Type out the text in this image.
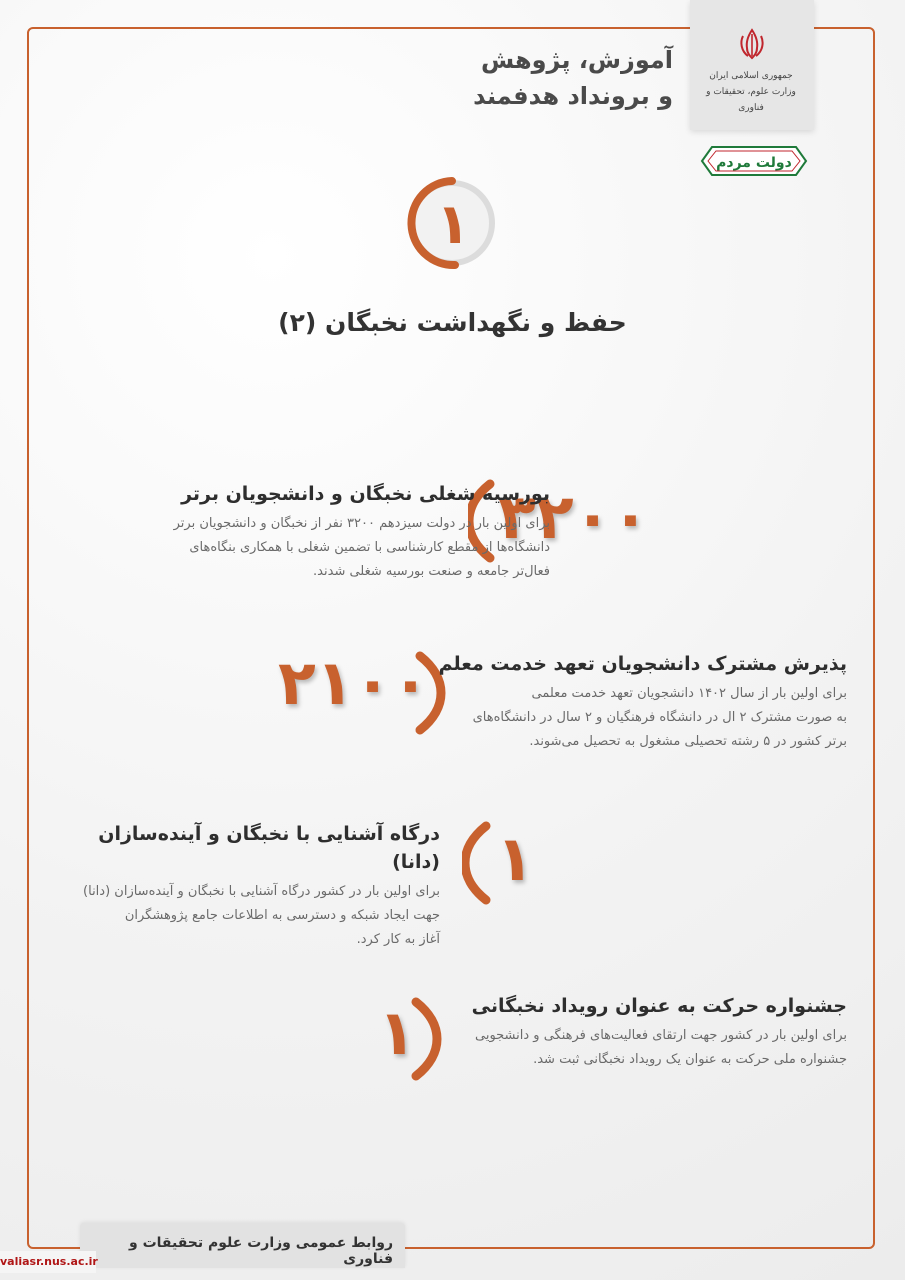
جمهوری اسلامی ایران
وزارت علوم، تحقیقات و فناوری
دولت مردم
آموزش، پژوهش
و برونداد هدفمند
۱
حفظ و نگهداشت نخبگان (۲)
۳۲۰۰
بورسیه شغلی نخبگان و دانشجویان برتر

برای اولین بار در دولت سیزدهم ۳۲۰۰ نفر از نخبگان و دانشجویان برتر
دانشگاه‌ها از مقطع کارشناسی با تضمین شغلی با همکاری بنگاه‌های
فعال‌تر جامعه و صنعت بورسیه شغلی شدند.

۲۱۰۰ پذیرش مشترک دانشجویان تعهد خدمت معلم

برای اولین بار از سال ۱۴۰۲ دانشجویان تعهد خدمت معلمی
به صورت مشترک ۲ ال در دانشگاه فرهنگیان و ۲ سال در دانشگاه‌های
برتر کشور در ۵ رشته تحصیلی مشغول به تحصیل می‌شوند.

۱
درگاه آشنایی با نخبگان و آینده‌سازان (دانا)

برای اولین بار در کشور درگاه آشنایی با نخبگان و آینده‌سازان (دانا)
جهت ایجاد شبکه و دسترسی به اطلاعات جامع پژوهشگران
آغاز به کار کرد.

۱	جشنواره حرکت به عنوان رویداد نخبگانی

برای اولین بار در کشور جهت ارتقای فعالیت‌های فرهنگی و دانشجویی
جشنواره ملی حرکت به عنوان یک رویداد نخبگانی ثبت شد.

روابط عمومی وزارت علوم تحقیقات و فناوری
valiasr.nus.ac.ir
